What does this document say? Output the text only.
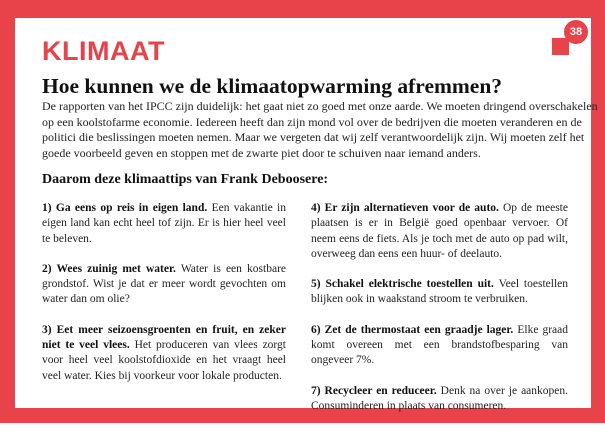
38
KLIMAAT
Hoe kunnen we de klimaatopwarming afremmen?

De rapporten van het IPCC zijn duidelijk: het gaat niet zo goed met onze aarde. We moeten dringend overschakelen
op een koolstofarme economie. Iedereen heeft dan zijn mond vol over de bedrijven die moeten veranderen en de
politici die beslissingen moeten nemen. Maar we vergeten dat wij zelf verantwoordelijk zijn. Wij moeten zelf het
goede voorbeeld geven en stoppen met de zwarte piet door te schuiven naar iemand anders.

Daarom deze klimaattips van Frank Deboosere:

1) Ga eens op reis in eigen land. Een vakantie in eigen land kan echt heel tof zijn. Er is hier heel veel te beleven.

2) Wees zuinig met water. Water is een kostbare grondstof. Wist je dat er meer wordt gevochten om water dan om olie?

3) Eet meer seizoensgroenten en fruit, en zeker niet te veel vlees. Het produceren van vlees zorgt voor heel veel koolstofdioxide en het vraagt heel veel water. Kies bij voorkeur voor lokale producten.

4) Er zijn alternatieven voor de auto. Op de meeste plaatsen is er in België goed openbaar vervoer. Of neem eens de fiets. Als je toch met de auto op pad wilt, overweeg dan eens een huur- of deelauto.

5) Schakel elektrische toestellen uit. Veel toestellen blijken ook in waakstand stroom te verbruiken.

6) Zet de thermostaat een graadje lager. Elke graad komt overeen met een brandstofbesparing van ongeveer 7%.

7) Recycleer en reduceer. Denk na over je aankopen. Consuminderen in plaats van consumeren.
